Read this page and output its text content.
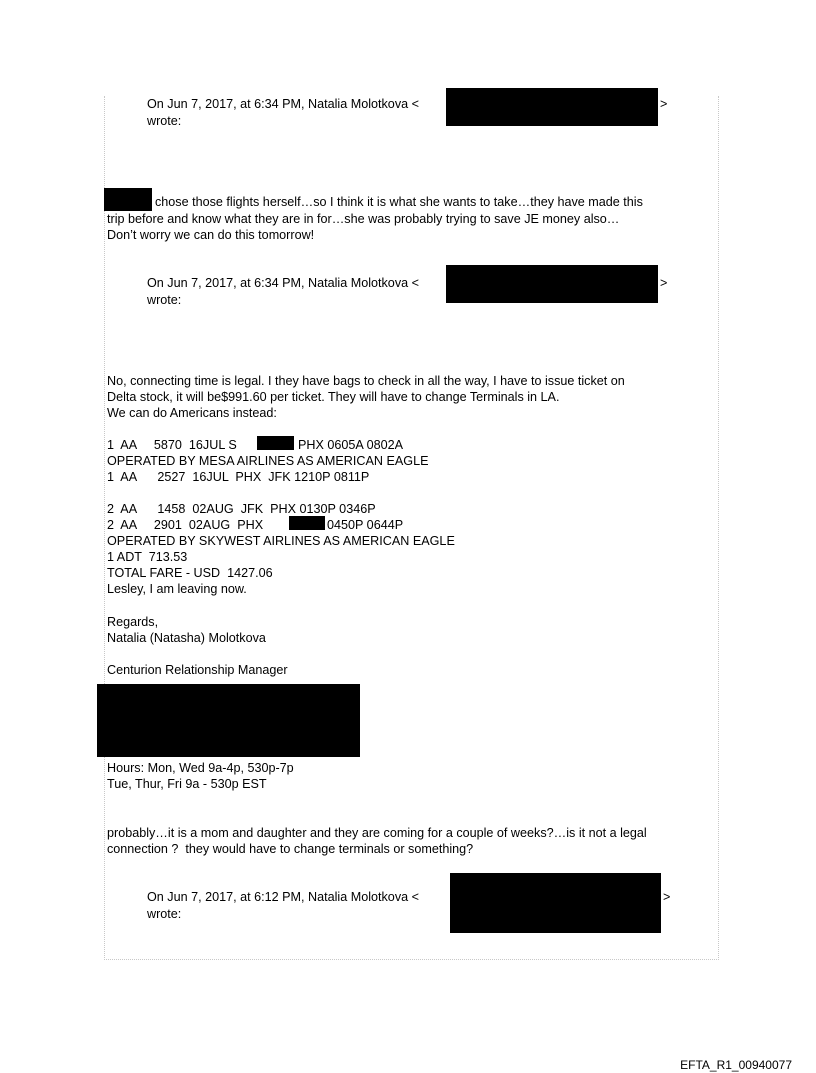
On Jun 7, 2017, at 6:34 PM, Natalia Molotkova <	>
wrote:
chose those flights herself…so I think it is what she wants to take…they have made this
trip before and know what they are in for…she was probably trying to save JE money also…
Don’t worry we can do this tomorrow!
On Jun 7, 2017, at 6:34 PM, Natalia Molotkova <	>
wrote:
No, connecting time is legal. I they have bags to check in all the way, I have to issue ticket on
Delta stock, it will be$991.60 per ticket. They will have to change Terminals in LA.
We can do Americans instead:
1  AA     5870  16JUL S	PHX 0605A 0802A
OPERATED BY MESA AIRLINES AS AMERICAN EAGLE
1  AA      2527  16JUL  PHX  JFK 1210P 0811P
2  AA      1458  02AUG  JFK  PHX 0130P 0346P
2  AA     2901  02AUG  PHX	0450P 0644P
OPERATED BY SKYWEST AIRLINES AS AMERICAN EAGLE
1 ADT  713.53
TOTAL FARE - USD  1427.06
Lesley, I am leaving now.
Regards,
Natalia (Natasha) Molotkova
Centurion Relationship Manager
Hours: Mon, Wed 9a-4p, 530p-7p
Tue, Thur, Fri 9a - 530p EST
probably…it is a mom and daughter and they are coming for a couple of weeks?…is it not a legal
connection ?  they would have to change terminals or something?
On Jun 7, 2017, at 6:12 PM, Natalia Molotkova <	>
wrote:
EFTA_R1_00940077
